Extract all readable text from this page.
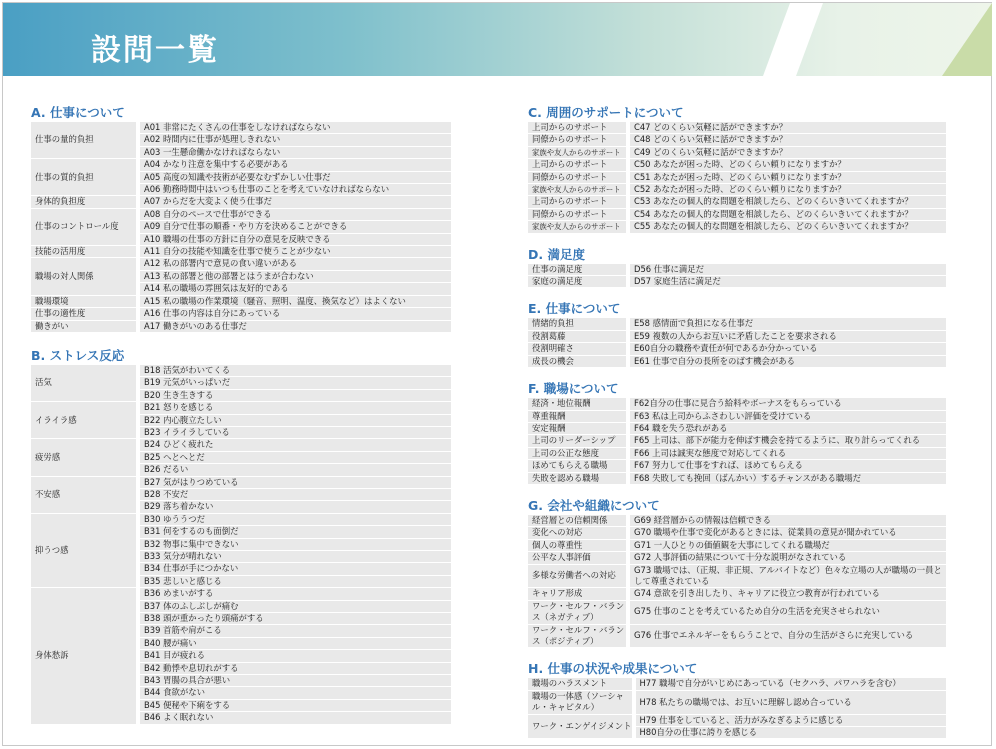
設問一覧
A. 仕事について
仕事の量的負担	A01 非常にたくさんの仕事をしなければならない
	A02 時間内に仕事が処理しきれない
	A03 一生懸命働かなければならない
仕事の質的負担	A04 かなり注意を集中する必要がある
	A05 高度の知識や技術が必要なむずかしい仕事だ
	A06 勤務時間中はいつも仕事のことを考えていなければならない
身体的負担度	A07 からだを大変よく使う仕事だ
仕事のコントロール度	A08 自分のペースで仕事ができる
	A09 自分で仕事の順番・やり方を決めることができる
	A10 職場の仕事の方針に自分の意見を反映できる
技能の活用度	A11 自分の技能や知識を仕事で使うことが少ない
職場の対人関係	A12 私の部署内で意見の食い違いがある
	A13 私の部署と他の部署とはうまが合わない
	A14 私の職場の雰囲気は友好的である
職場環境	A15 私の職場の作業環境（騒音、照明、温度、換気など）はよくない
仕事の適性度	A16 仕事の内容は自分にあっている
働きがい	A17 働きがいのある仕事だ
B. ストレス反応
活気	B18 活気がわいてくる
	B19 元気がいっぱいだ
	B20 生き生きする
イライラ感	B21 怒りを感じる
	B22 内心腹立たしい
	B23 イライラしている
疲労感	B24 ひどく疲れた
	B25 へとへとだ
	B26 だるい
不安感	B27 気がはりつめている
	B28 不安だ
	B29 落ち着かない
抑うつ感	B30 ゆううつだ
	B31 何をするのも面倒だ
	B32 物事に集中できない
	B33 気分が晴れない
	B34 仕事が手につかない
	B35 悲しいと感じる
身体愁訴	B36 めまいがする
	B37 体のふしぶしが痛む
	B38 頭が重かったり頭痛がする
	B39 首筋や肩がこる
	B40 腰が痛い
	B41 目が疲れる
	B42 動悸や息切れがする
	B43 胃腸の具合が悪い
	B44 食欲がない
	B45 便秘や下痢をする
	B46 よく眠れない
C. 周囲のサポートについて
上司からのサポート	C47 どのくらい気軽に話ができますか？
同僚からのサポート	C48 どのくらい気軽に話ができますか？
家族や友人からのサポート	C49 どのくらい気軽に話ができますか？
上司からのサポート	C50 あなたが困った時、どのくらい頼りになりますか？
同僚からのサポート	C51 あなたが困った時、どのくらい頼りになりますか？
家族や友人からのサポート	C52 あなたが困った時、どのくらい頼りになりますか？
上司からのサポート	C53 あなたの個人的な問題を相談したら、どのくらいきいてくれますか？
同僚からのサポート	C54 あなたの個人的な問題を相談したら、どのくらいきいてくれますか？
家族や友人からのサポート	C55 あなたの個人的な問題を相談したら、どのくらいきいてくれますか？
D. 満足度
仕事の満足度	D56 仕事に満足だ
家庭の満足度	D57 家庭生活に満足だ
E. 仕事について
情緒的負担	E58 感情面で負担になる仕事だ
役割葛藤	E59 複数の人からお互いに矛盾したことを要求される
役割明確さ	E60自分の職務や責任が何であるか分かっている
成長の機会	E61 仕事で自分の長所をのばす機会がある
F. 職場について
経済・地位報酬	F62自分の仕事に見合う給料やボーナスをもらっている
尊重報酬	F63 私は上司からふさわしい評価を受けている
安定報酬	F64 職を失う恐れがある
上司のリーダーシップ	F65 上司は、部下が能力を伸ばす機会を持てるように、取り計らってくれる
上司の公正な態度	F66 上司は誠実な態度で対応してくれる
ほめてもらえる職場	F67 努力して仕事をすれば、ほめてもらえる
失敗を認める職場	F68 失敗しても挽回（ばんかい）するチャンスがある職場だ
G. 会社や組織について
経営層との信頼関係	G69 経営層からの情報は信頼できる
変化への対応	G70 職場や仕事で変化があるときには、従業員の意見が聞かれている
個人の尊重性	G71 一人ひとりの価値観を大事にしてくれる職場だ
公平な人事評価	G72 人事評価の結果について十分な説明がなされている
多様な労働者への対応	G73 職場では、（正規、非正規、アルバイトなど）色々な立場の人が職場の一員として尊重されている
キャリア形成	G74 意欲を引き出したり、キャリアに役立つ教育が行われている
ワーク・セルフ・バランス（ネガティブ）	G75 仕事のことを考えているため自分の生活を充実させられない
ワーク・セルフ・バランス（ポジティブ）	G76 仕事でエネルギーをもらうことで、自分の生活がさらに充実している
H. 仕事の状況や成果について
職場のハラスメント	H77 職場で自分がいじめにあっている（セクハラ、パワハラを含む）
職場の一体感（ソーシャル・キャピタル）	H78 私たちの職場では、お互いに理解し認め合っている
ワーク・エンゲイジメント	H79 仕事をしていると、活力がみなぎるように感じる
	H80自分の仕事に誇りを感じる
